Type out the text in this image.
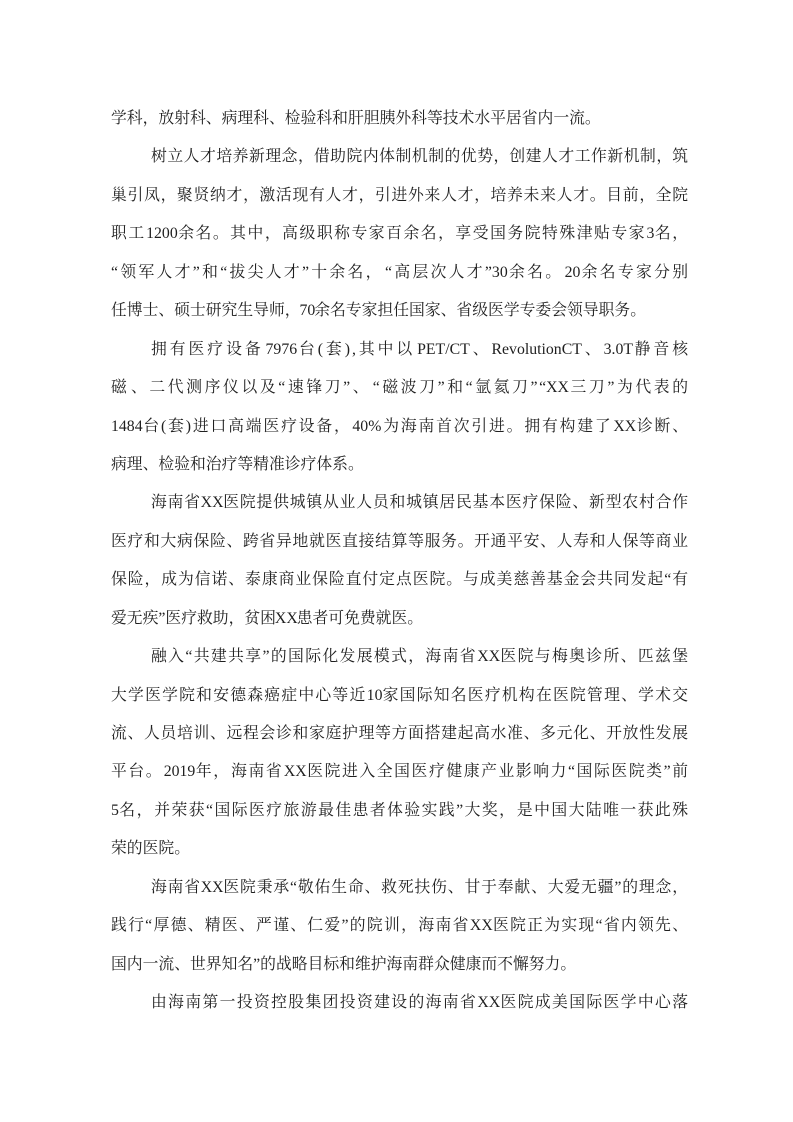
学科，放射科、病理科、检验科和肝胆胰外科等技术水平居省内一流。
树立人才培养新理念， 借助院内体制机制的优势， 创建人才工作新机制， 筑
巢引凤， 聚贤纳才， 激活现有人才， 引进外来人才， 培养未来人才。目前， 全院
职工 1200 余名。其中，高级职称专家百余名，享受国务院特殊津贴专家 3 名，
“领军人才”和“拔尖人才”十余名， “高层次人才”30 余名。 20 余名专家分别
任博士、硕士研究生导师， 70 余名专家担任国家、省级医学专委会领导职务。
拥有医疗设备 7976 台(套) ,其中以 PET/CT、RevolutionCT、3.0T 静音核
磁 、二代测序仪以及“速锋刀”、 “磁波刀”和“氩氦刀” “XX 三刀”为代表的
1484 台(套)进口高端医疗设备， 40%为海南首次引进。拥有构建了 XX 诊断、
病理、检验和治疗等精准诊疗体系。
海南省 XX 医院提供城镇从业人员和城镇居民基本医疗保险、新型农村合作
医疗和大病保险、跨省异地就医直接结算等服务。开通平安、人寿和人保等商业
保险， 成为信诺、泰康商业保险直付定点医院。与成美慈善基金会共同发起“有
爱无疾”医疗救助，贫困 XX 患者可免费就医。
融入“共建共享”的国际化发展模式，海南省 XX 医院与梅奥诊所、匹兹堡
大学医学院和安德森癌症中心等近 10 家国际知名医疗机构在医院管理、学术交
流、人员培训、远程会诊和家庭护理等方面搭建起高水准、多元化、开放性发展
平台。 2019 年， 海南省 XX 医院进入全国医疗健康产业影响力“国际医院类”前
5 名， 并荣获“国际医疗旅游最佳患者体验实践”大奖， 是中国大陆唯一获此殊
荣的医院。
海南省 XX 医院秉承“敬佑生命、救死扶伤、甘于奉献、大爱无疆”的理念，
践行“厚德、精医、严谨、仁爱”的院训， 海南省 XX 医院正为实现“省内领先、
国内一流、世界知名”的战略目标和维护海南群众健康而不懈努力。
由海南第一投资控股集团投资建设的海南省 XX 医院成美国际医学中心落
